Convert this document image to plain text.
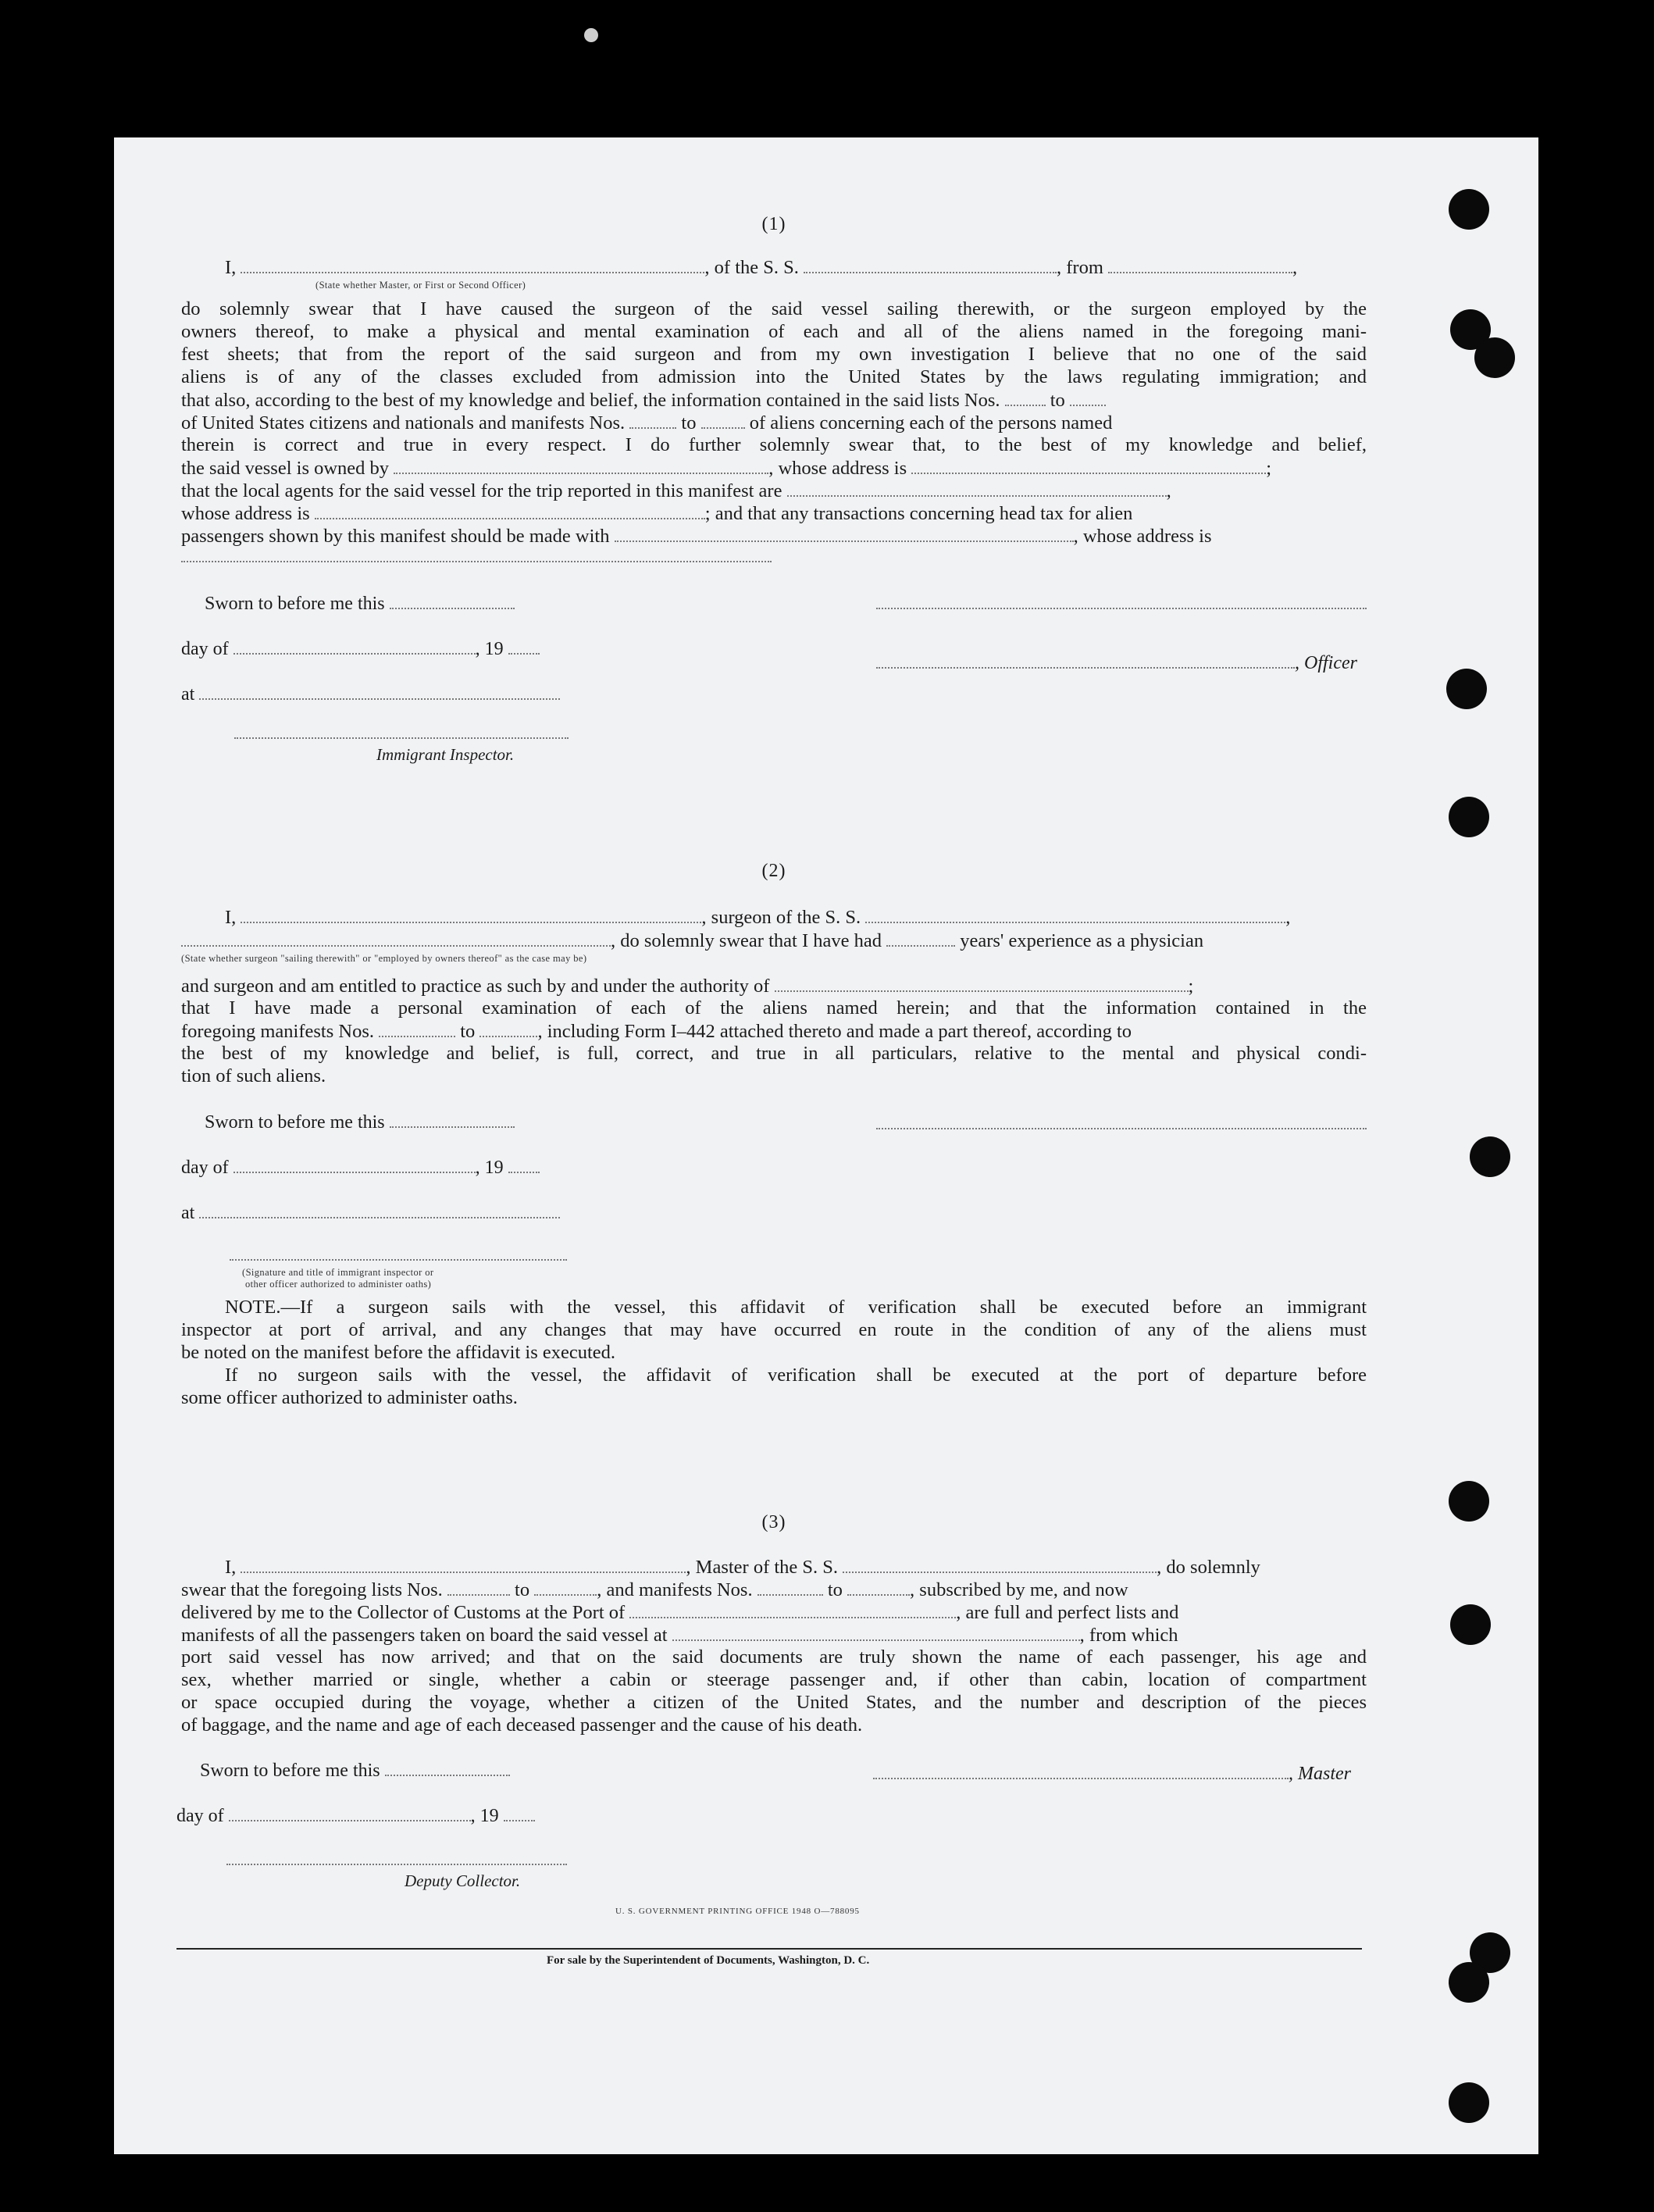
(1)
I,	, of the S. S.	, from	,
(State whether Master, or First or Second Officer)
do solemnly swear that I have caused the surgeon of the said vessel sailing therewith, or the surgeon employed by the
owners thereof, to make a physical and mental examination of each and all of the aliens named in the foregoing mani-
fest sheets; that from the report of the said surgeon and from my own investigation I believe that no one of the said
aliens is of any of the classes excluded from admission into the United States by the laws regulating immigration; and
that also, according to the best of my knowledge and belief, the information contained in the said lists Nos.	to
of United States citizens and nationals and manifests Nos.	to	of aliens concerning each of the persons named
therein is correct and true in every respect. I do further solemnly swear that, to the best of my knowledge and belief,
the said vessel is owned by	, whose address is	;
that the local agents for the said vessel for the trip reported in this manifest are	,
whose address is	; and that any transactions concerning head tax for alien
passengers shown by this manifest should be made with	, whose address is
Sworn to before me this
day of	, 19
, Officer
at
Immigrant Inspector.
(2)
I,	, surgeon of the S. S.	,
, do solemnly swear that I have had	years' experience as a physician
(State whether surgeon "sailing therewith" or "employed by owners thereof" as the case may be)
and surgeon and am entitled to practice as such by and under the authority of	;
that I have made a personal examination of each of the aliens named herein; and that the information contained in the
foregoing manifests Nos.	to	, including Form I–442 attached thereto and made a part thereof, according to
the best of my knowledge and belief, is full, correct, and true in all particulars, relative to the mental and physical condi-
tion of such aliens.
Sworn to before me this
day of	, 19
at
(Signature and title of immigrant inspector or
other officer authorized to administer oaths)
NOTE.—If a surgeon sails with the vessel, this affidavit of verification shall be executed before an immigrant
inspector at port of arrival, and any changes that may have occurred en route in the condition of any of the aliens must
be noted on the manifest before the affidavit is executed.
If no surgeon sails with the vessel, the affidavit of verification shall be executed at the port of departure before
some officer authorized to administer oaths.
(3)
I,	, Master of the S. S.	, do solemnly
swear that the foregoing lists Nos.	to	, and manifests Nos.	to	, subscribed by me, and now
delivered by me to the Collector of Customs at the Port of	, are full and perfect lists and
manifests of all the passengers taken on board the said vessel at	, from which
port said vessel has now arrived; and that on the said documents are truly shown the name of each passenger, his age and
sex, whether married or single, whether a cabin or steerage passenger and, if other than cabin, location of compartment
or space occupied during the voyage, whether a citizen of the United States, and the number and description of the pieces
of baggage, and the name and age of each deceased passenger and the cause of his death.
Sworn to before me this	, Master
day of	, 19
Deputy Collector.
U. S. GOVERNMENT PRINTING OFFICE 1948 O—788095
For sale by the Superintendent of Documents, Washington, D. C.
